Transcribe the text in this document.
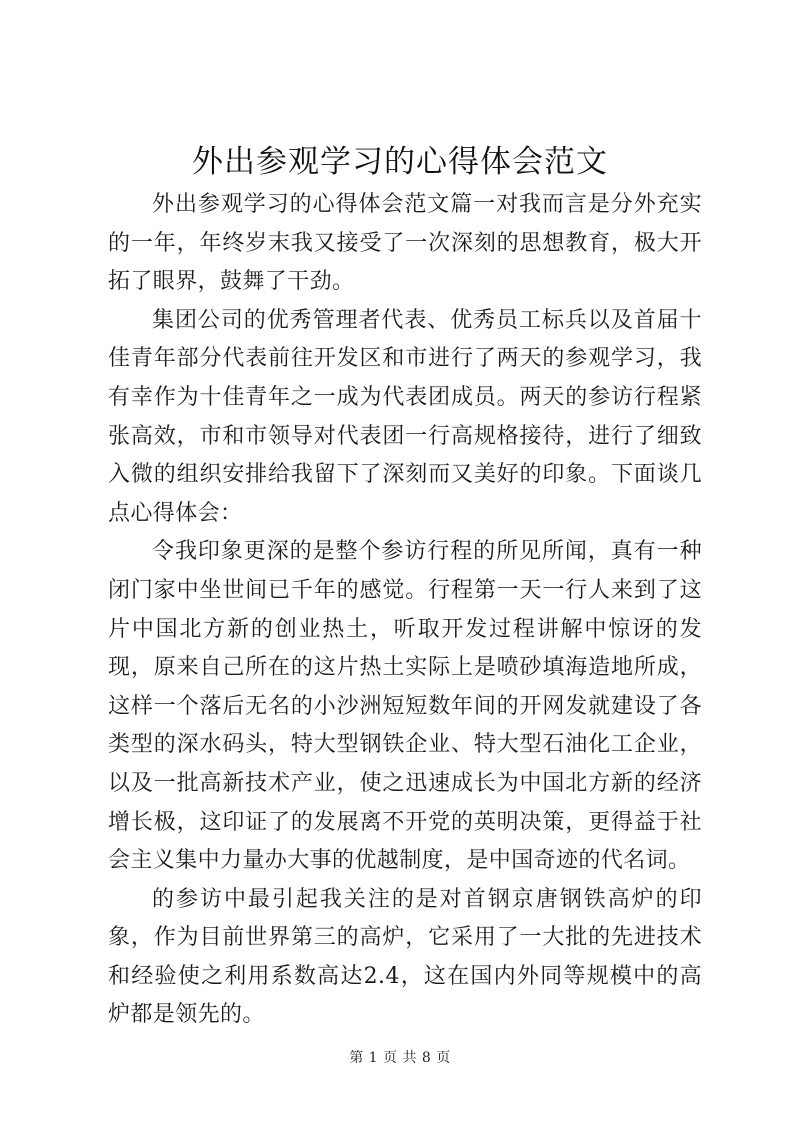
外出参观学习的心得体会范文

外出参观学习的心得体会范文篇一对我而言是分外充实的一年，年终岁末我又接受了一次深刻的思想教育，极大开拓了眼界，鼓舞了干劲。

集团公司的优秀管理者代表、优秀员工标兵以及首届十佳青年部分代表前往开发区和市进行了两天的参观学习，我有幸作为十佳青年之一成为代表团成员。两天的参访行程紧张高效，市和市领导对代表团一行高规格接待，进行了细致入微的组织安排给我留下了深刻而又美好的印象。下面谈几点心得体会：

令我印象更深的是整个参访行程的所见所闻，真有一种闭门家中坐世间已千年的感觉。行程第一天一行人来到了这片中国北方新的创业热土，听取开发过程讲解中惊讶的发现，原来自己所在的这片热土实际上是喷砂填海造地所成，这样一个落后无名的小沙洲短短数年间的开网发就建设了各类型的深水码头，特大型钢铁企业、特大型石油化工企业，以及一批高新技术产业，使之迅速成长为中国北方新的经济增长极，这印证了的发展离不开党的英明决策，更得益于社会主义集中力量办大事的优越制度，是中国奇迹的代名词。

的参访中最引起我关注的是对首钢京唐钢铁高炉的印象，作为目前世界第三的高炉，它采用了一大批的先进技术和经验使之利用系数高达2.4，这在国内外同等规模中的高炉都是领先的。

第 1 页 共 8 页
